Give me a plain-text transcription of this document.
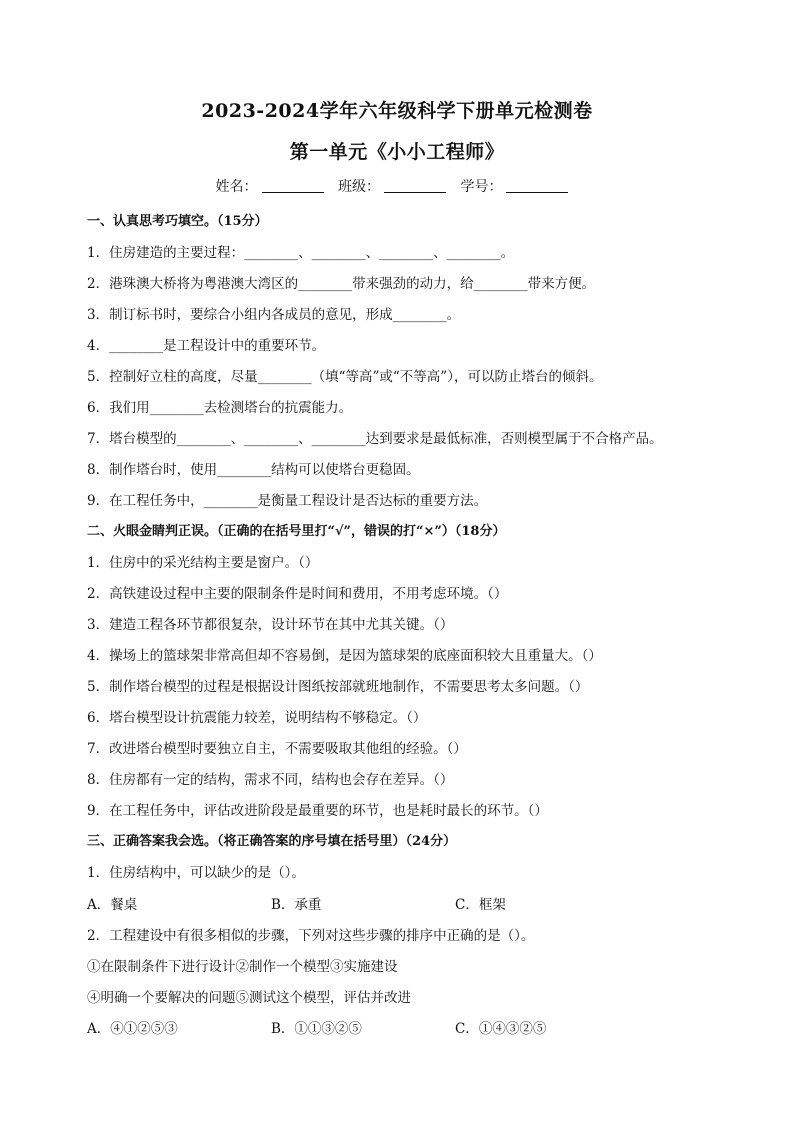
2023-2024学年六年级科学下册单元检测卷
第一单元《小小工程师》
姓名：	班级：	学号：
一、认真思考巧填空。（15分）
1．住房建造的主要过程：________、________、________、________。
2．港珠澳大桥将为粤港澳大湾区的________带来强劲的动力，给________带来方便。
3．制订标书时，要综合小组内各成员的意见，形成________。
4．________是工程设计中的重要环节。
5．控制好立柱的高度，尽量________（填“等高”或“不等高”），可以防止塔台的倾斜。
6．我们用________去检测塔台的抗震能力。
7．塔台模型的________、________、________达到要求是最低标准，否则模型属于不合格产品。
8．制作塔台时，使用________结构可以使塔台更稳固。
9．在工程任务中，________是衡量工程设计是否达标的重要方法。
二、火眼金睛判正误。（正确的在括号里打“√”，错误的打“×”）（18分）
1．住房中的采光结构主要是窗户。（）
2．高铁建设过程中主要的限制条件是时间和费用，不用考虑环境。（）
3．建造工程各环节都很复杂，设计环节在其中尤其关键。（）
4．操场上的篮球架非常高但却不容易倒，是因为篮球架的底座面积较大且重量大。（）
5．制作塔台模型的过程是根据设计图纸按部就班地制作，不需要思考太多问题。（）
6．塔台模型设计抗震能力较差，说明结构不够稳定。（）
7．改进塔台模型时要独立自主，不需要吸取其他组的经验。（）
8．住房都有一定的结构，需求不同，结构也会存在差异。（）
9．在工程任务中，评估改进阶段是最重要的环节，也是耗时最长的环节。（）
三、正确答案我会选。（将正确答案的序号填在括号里）（24分）
1．住房结构中，可以缺少的是（）。
A．餐桌	B．承重	C．框架
2．工程建设中有很多相似的步骤，下列对这些步骤的排序中正确的是（）。
①在限制条件下进行设计②制作一个模型③实施建设
④明确一个要解决的问题⑤测试这个模型，评估并改进
A．④①②⑤③	B．①①③②⑤	C．①④③②⑤
